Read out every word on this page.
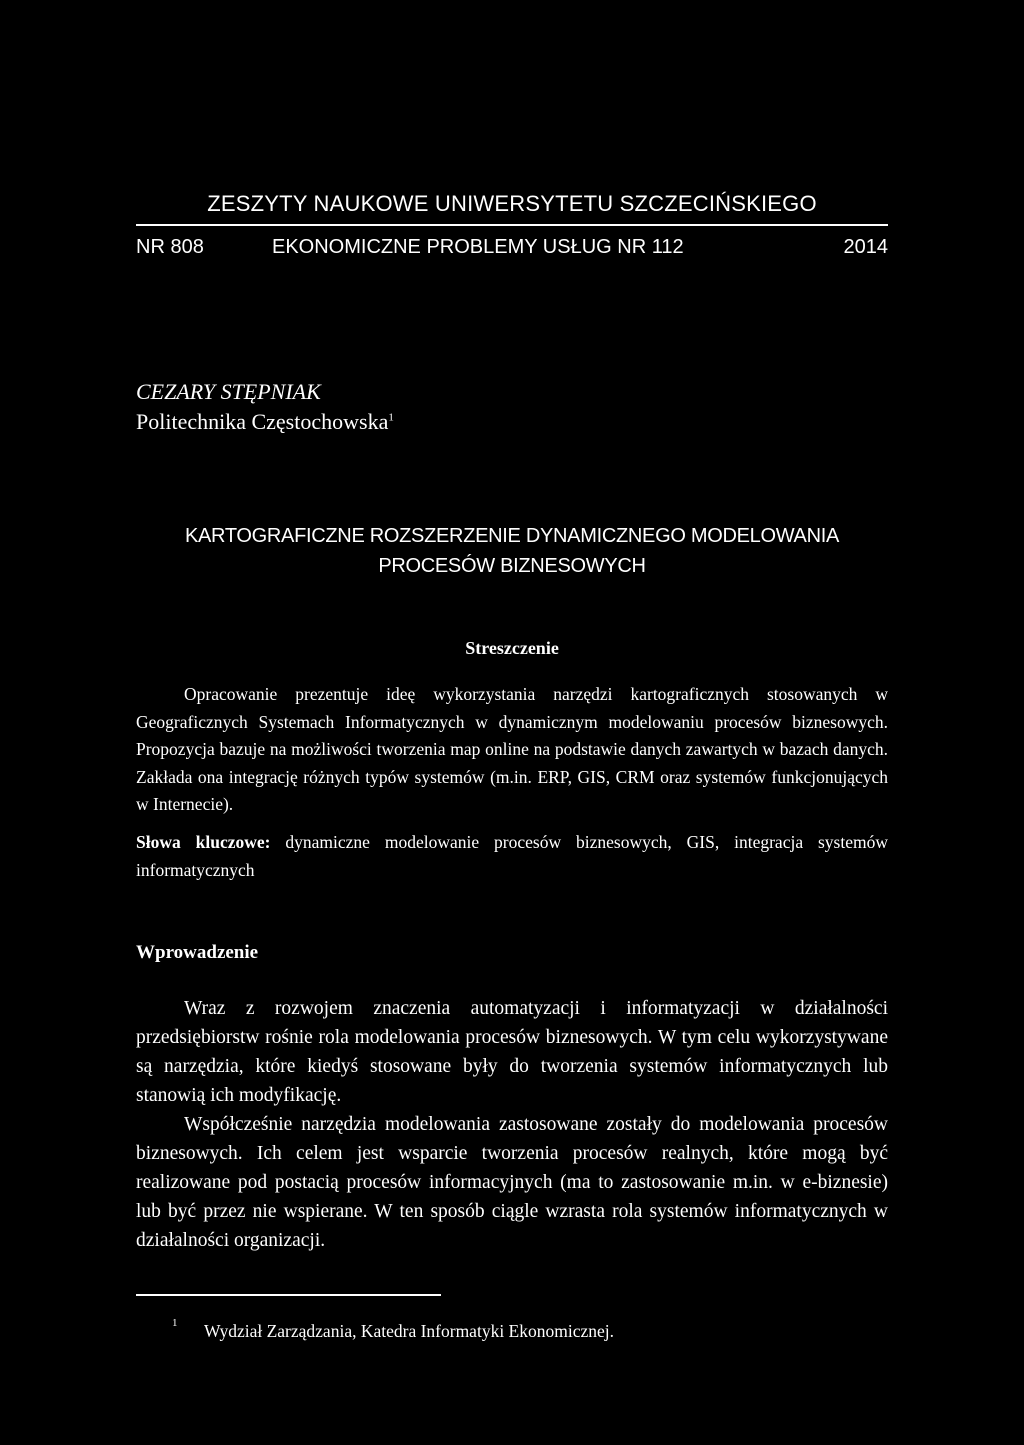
ZESZYTY NAUKOWE UNIWERSYTETU SZCZECIŃSKIEGO
NR 808	EKONOMICZNE PROBLEMY USŁUG NR 112	2014
CEZARY STĘPNIAK
Politechnika Częstochowska$^1$
KARTOGRAFICZNE ROZSZERZENIE DYNAMICZNEGO MODELOWANIA
PROCESÓW BIZNESOWYCH
Streszczenie
Opracowanie prezentuje ideę wykorzystania narzędzi kartograficznych stosowanych w Geograficznych Systemach Informatycznych w dynamicznym modelowaniu procesów biznesowych. Propozycja bazuje na możliwości tworzenia map online na podstawie danych zawartych w bazach danych. Zakłada ona integrację różnych typów systemów (m.in. ERP, GIS, CRM oraz systemów funkcjonujących w Internecie).
Słowa kluczowe: dynamiczne modelowanie procesów biznesowych, GIS, integracja systemów informatycznych
Wprowadzenie

Wraz z rozwojem znaczenia automatyzacji i informatyzacji w działalności przedsiębiorstw rośnie rola modelowania procesów biznesowych. W tym celu wykorzystywane są narzędzia, które kiedyś stosowane były do tworzenia systemów informatycznych lub stanowią ich modyfikację.

Współcześnie narzędzia modelowania zastosowane zostały do modelowania procesów biznesowych. Ich celem jest wsparcie tworzenia procesów realnych, które mogą być realizowane pod postacią procesów informacyjnych (ma to zastosowanie m.in. w e-biznesie) lub być przez nie wspierane. W ten sposób ciągle wzrasta rola systemów informatycznych w działalności organizacji.

1 Wydział Zarządzania, Katedra Informatyki Ekonomicznej.
